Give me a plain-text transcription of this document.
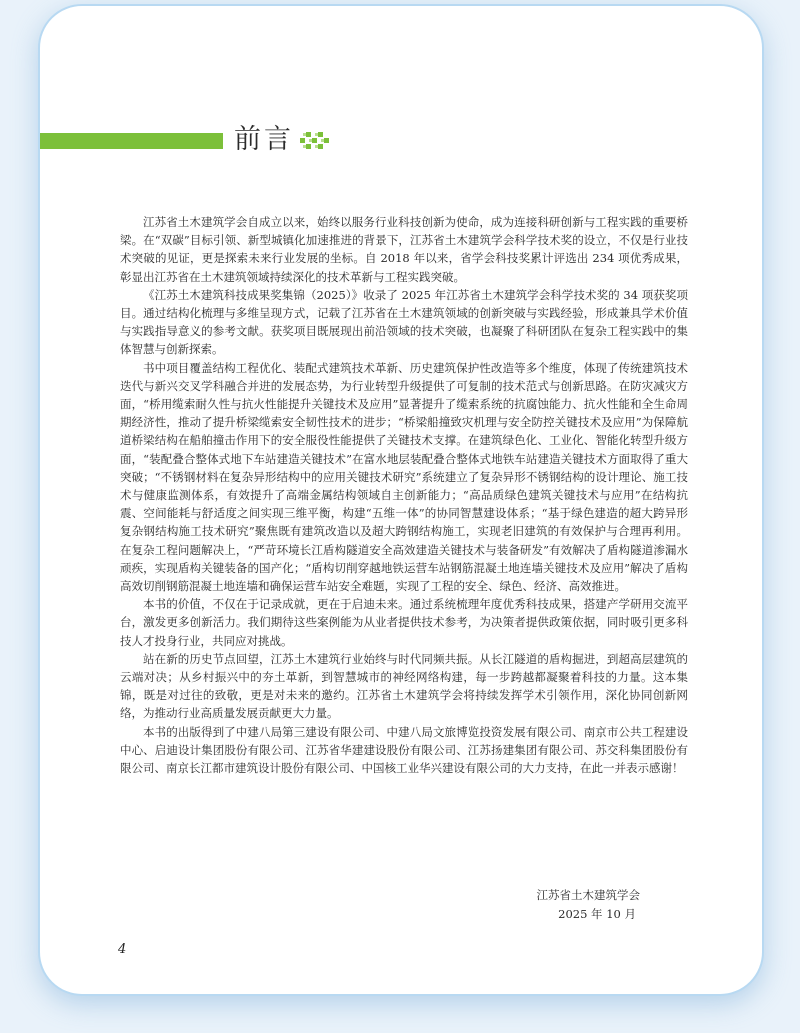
前言

江苏省土木建筑学会自成立以来，始终以服务行业科技创新为使命，成为连接科研创新与工程实践的重要桥梁。在“双碳”目标引领、新型城镇化加速推进的背景下，江苏省土木建筑学会科学技术奖的设立，不仅是行业技术突破的见证，更是探索未来行业发展的坐标。自 2018 年以来，省学会科技奖累计评选出 234 项优秀成果，彰显出江苏省在土木建筑领域持续深化的技术革新与工程实践突破。

《江苏土木建筑科技成果奖集锦（2025）》收录了 2025 年江苏省土木建筑学会科学技术奖的 34 项获奖项目。通过结构化梳理与多维呈现方式，记载了江苏省在土木建筑领域的创新突破与实践经验，形成兼具学术价值与实践指导意义的参考文献。获奖项目既展现出前沿领域的技术突破，也凝聚了科研团队在复杂工程实践中的集体智慧与创新探索。

书中项目覆盖结构工程优化、装配式建筑技术革新、历史建筑保护性改造等多个维度，体现了传统建筑技术迭代与新兴交叉学科融合并进的发展态势，为行业转型升级提供了可复制的技术范式与创新思路。在防灾减灾方面，“桥用缆索耐久性与抗火性能提升关键技术及应用”显著提升了缆索系统的抗腐蚀能力、抗火性能和全生命周期经济性，推动了提升桥梁缆索安全韧性技术的进步；“桥梁船撞致灾机理与安全防控关键技术及应用”为保障航道桥梁结构在船舶撞击作用下的安全服役性能提供了关键技术支撑。在建筑绿色化、工业化、智能化转型升级方面，“装配叠合整体式地下车站建造关键技术”在富水地层装配叠合整体式地铁车站建造关键技术方面取得了重大突破；“不锈钢材料在复杂异形结构中的应用关键技术研究”系统建立了复杂异形不锈钢结构的设计理论、施工技术与健康监测体系，有效提升了高端金属结构领域自主创新能力；“高品质绿色建筑关键技术与应用”在结构抗震、空间能耗与舒适度之间实现三维平衡，构建“五维一体”的协同智慧建设体系；“基于绿色建造的超大跨异形复杂钢结构施工技术研究”聚焦既有建筑改造以及超大跨钢结构施工，实现老旧建筑的有效保护与合理再利用。在复杂工程问题解决上，“严苛环境长江盾构隧道安全高效建造关键技术与装备研发”有效解决了盾构隧道渗漏水顽疾，实现盾构关键装备的国产化；“盾构切削穿越地铁运营车站钢筋混凝土地连墙关键技术及应用”解决了盾构高效切削钢筋混凝土地连墙和确保运营车站安全难题，实现了工程的安全、绿色、经济、高效推进。

本书的价值，不仅在于记录成就，更在于启迪未来。通过系统梳理年度优秀科技成果，搭建产学研用交流平台，激发更多创新活力。我们期待这些案例能为从业者提供技术参考，为决策者提供政策依据，同时吸引更多科技人才投身行业，共同应对挑战。

站在新的历史节点回望，江苏土木建筑行业始终与时代同频共振。从长江隧道的盾构掘进，到超高层建筑的云端对决；从乡村振兴中的夯土革新，到智慧城市的神经网络构建，每一步跨越都凝聚着科技的力量。这本集锦，既是对过往的致敬，更是对未来的邀约。江苏省土木建筑学会将持续发挥学术引领作用，深化协同创新网络，为推动行业高质量发展贡献更大力量。

本书的出版得到了中建八局第三建设有限公司、中建八局文旅博览投资发展有限公司、南京市公共工程建设中心、启迪设计集团股份有限公司、江苏省华建建设股份有限公司、江苏扬建集团有限公司、苏交科集团股份有限公司、南京长江都市建筑设计股份有限公司、中国核工业华兴建设有限公司的大力支持，在此一并表示感谢！

江苏省土木建筑学会
2025 年 10 月
4
